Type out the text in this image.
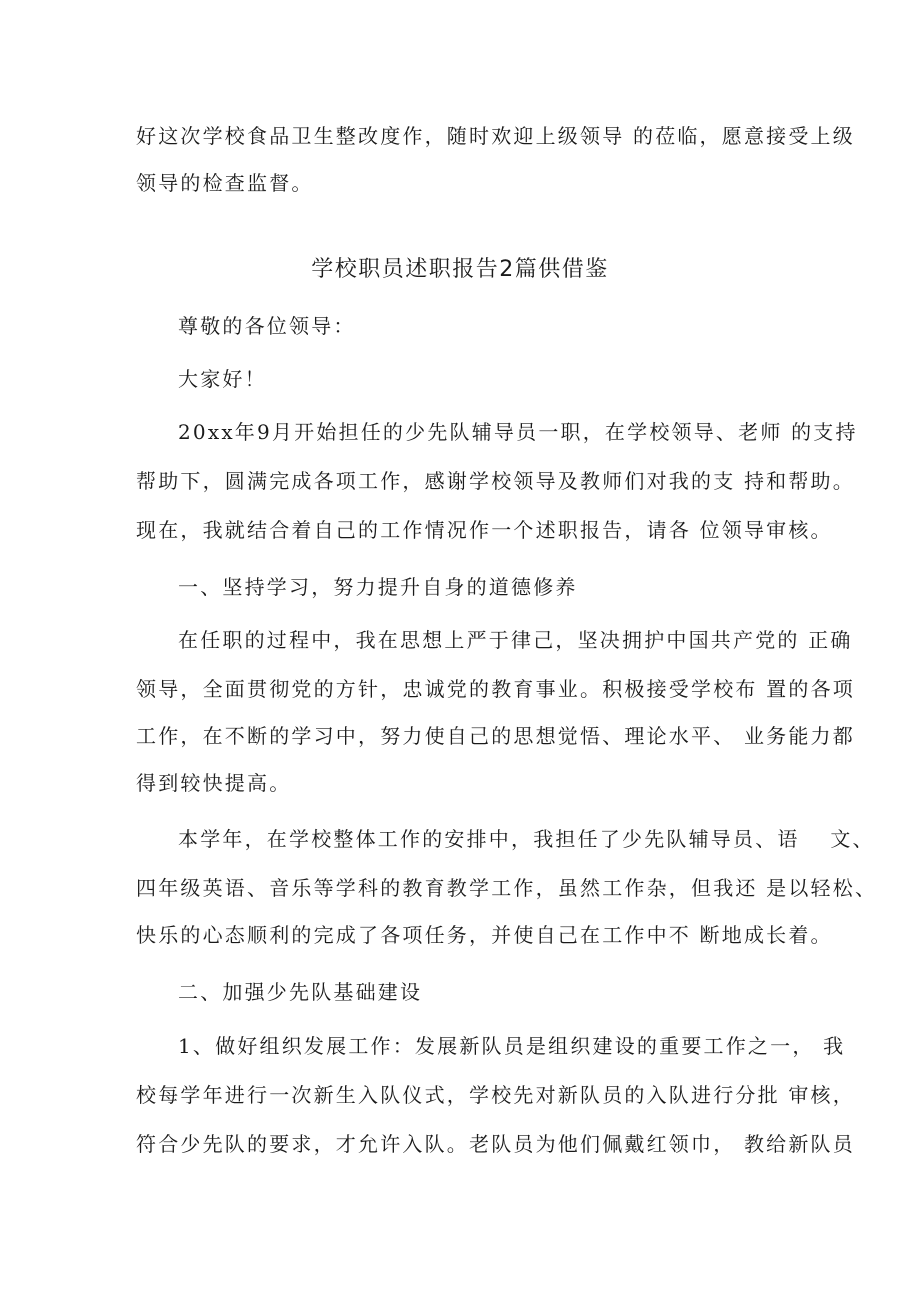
好这次学校食品卫生整改度作，随时欢迎上级领导 的莅临，愿意接受上级
领导的检查监督。
学校职员述职报告2篇供借鉴
尊敬的各位领导：
大家好！
20xx年9月开始担任的少先队辅导员一职，在学校领导、老师 的支持
帮助下，圆满完成各项工作，感谢学校领导及教师们对我的支 持和帮助。
现在，我就结合着自己的工作情况作一个述职报告，请各 位领导审核。
一、坚持学习，努力提升自身的道德修养
在任职的过程中，我在思想上严于律己，坚决拥护中国共产党的 正确
领导，全面贯彻党的方针，忠诚党的教育事业。积极接受学校布 置的各项
工作，在不断的学习中，努力使自己的思想觉悟、理论水平、 业务能力都
得到较快提高。
本学年，在学校整体工作的安排中，我担任了少先队辅导员、语　 文、
四年级英语、音乐等学科的教育教学工作，虽然工作杂，但我还 是以轻松、
快乐的心态顺利的完成了各项任务，并使自己在工作中不 断地成长着。
二、加强少先队基础建设
1、做好组织发展工作：发展新队员是组织建设的重要工作之一， 我
校每学年进行一次新生入队仪式，学校先对新队员的入队进行分批 审核，
符合少先队的要求，才允许入队。老队员为他们佩戴红领巾， 教给新队员
